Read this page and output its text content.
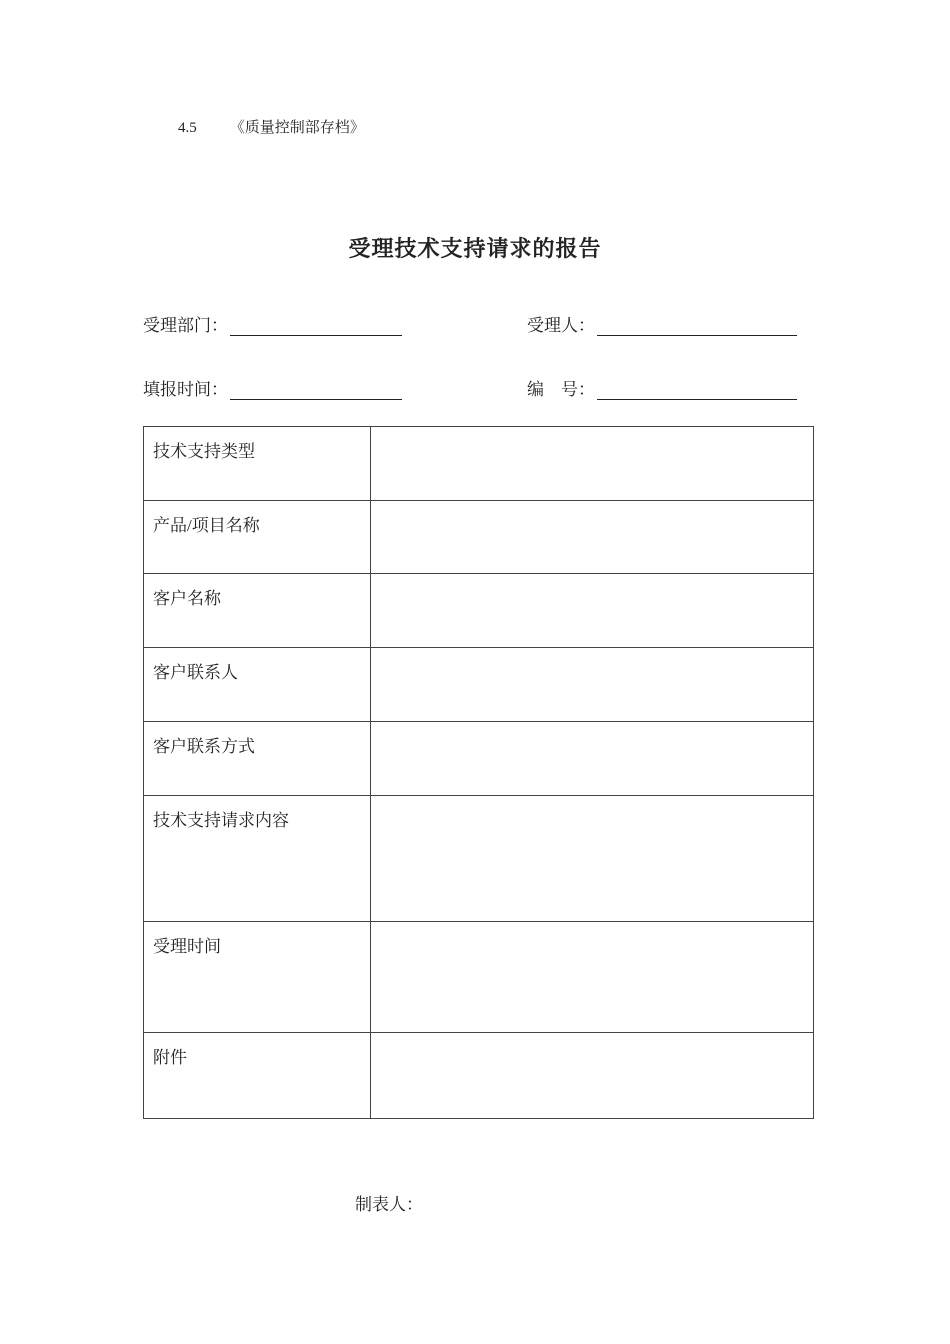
4.5 《质量控制部存档》
受理技术支持请求的报告
受理部门：	受理人：
填报时间：	编　号：
技术支持类型	
产品/项目名称	
客户名称	
客户联系人	
客户联系方式	
技术支持请求内容	
受理时间	
附件	
制表人：
